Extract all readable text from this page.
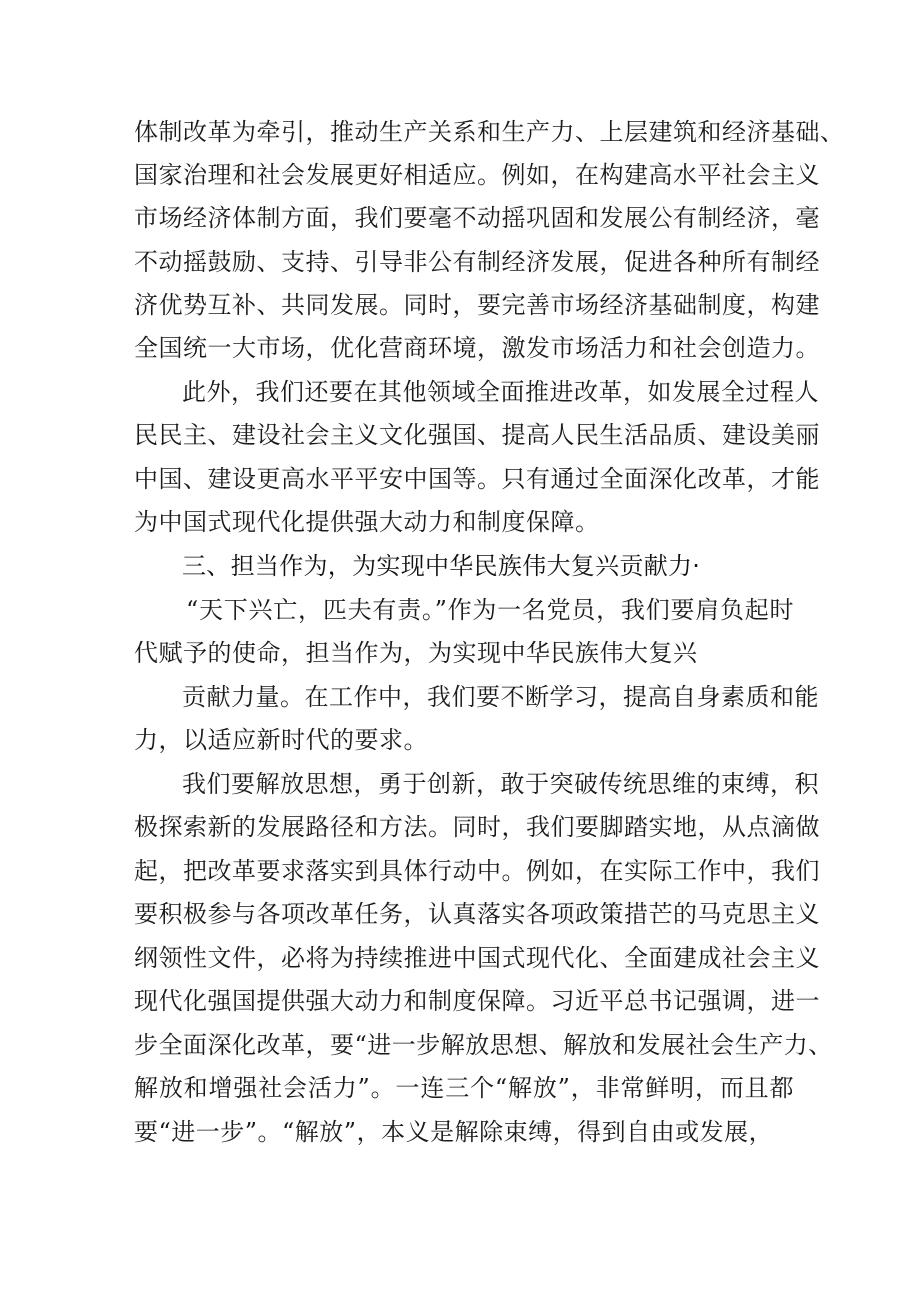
体制改革为牵引，推动生产关系和生产力、上层建筑和经济基础、
国家治理和社会发展更好相适应。例如，在构建高水平社会主义
市场经济体制方面，我们要毫不动摇巩固和发展公有制经济，毫
不动摇鼓励、支持、引导非公有制经济发展，促进各种所有制经
济优势互补、共同发展。同时，要完善市场经济基础制度，构建
全国统一大市场，优化营商环境，激发市场活力和社会创造力。
此外，我们还要在其他领域全面推进改革，如发展全过程人
民民主、建设社会主义文化强国、提高人民生活品质、建设美丽
中国、建设更高水平平安中国等。只有通过全面深化改革，才能
为中国式现代化提供强大动力和制度保障。
三、担当作为，为实现中华民族伟大复兴贡献力·
“天下兴亡，匹夫有责。”作为一名党员，我们要肩负起时
代赋予的使命，担当作为，为实现中华民族伟大复兴
贡献力量。在工作中，我们要不断学习，提高自身素质和能
力，以适应新时代的要求。
我们要解放思想，勇于创新，敢于突破传统思维的束缚，积
极探索新的发展路径和方法。同时，我们要脚踏实地，从点滴做
起，把改革要求落实到具体行动中。例如，在实际工作中，我们
要积极参与各项改革任务，认真落实各项政策措芒的马克思主义
纲领性文件，必将为持续推进中国式现代化、全面建成社会主义
现代化强国提供强大动力和制度保障。习近平总书记强调，进一
步全面深化改革，要“进一步解放思想、解放和发展社会生产力、
解放和增强社会活力”。一连三个“解放”，非常鲜明，而且都
要“进一步”。“解放”，本义是解除束缚，得到自由或发展，
